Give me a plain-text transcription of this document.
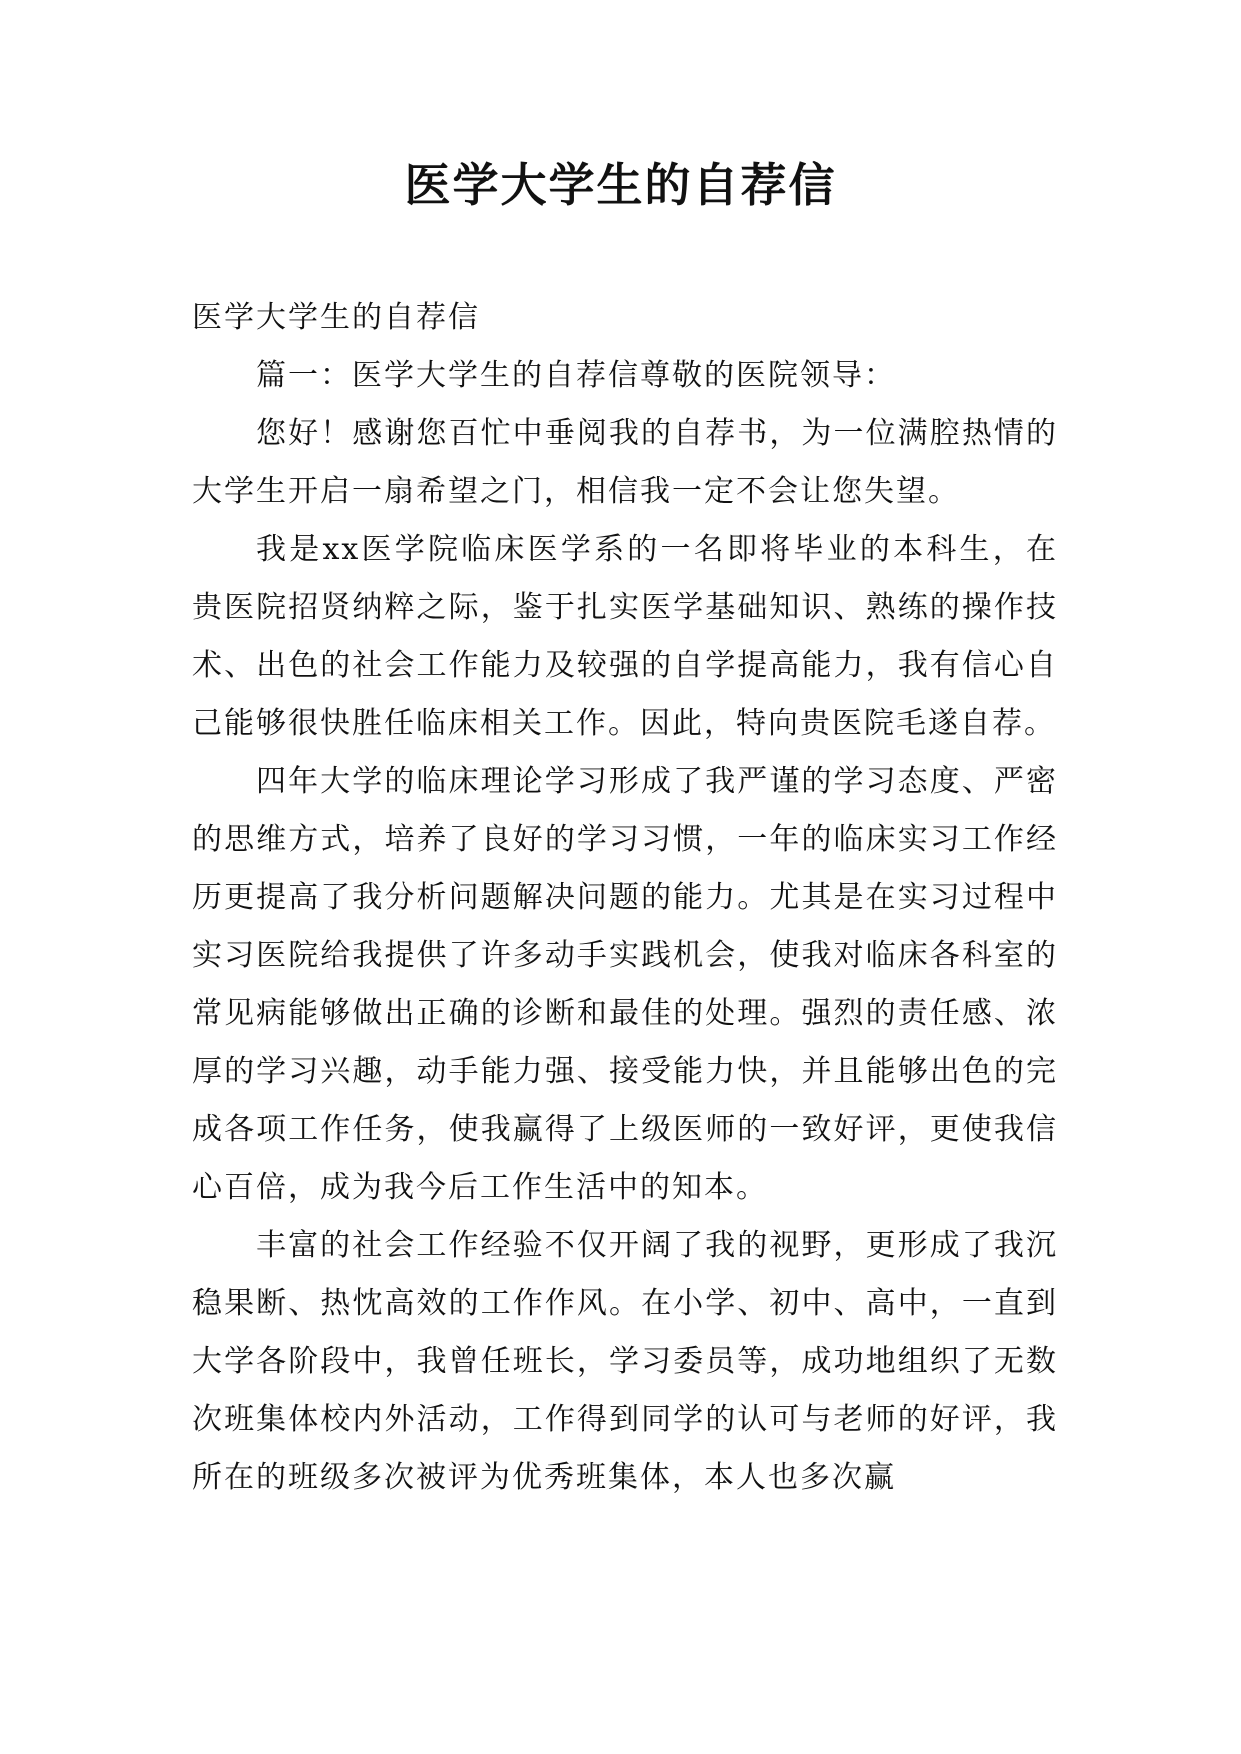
医学大学生的自荐信

医学大学生的自荐信

篇一：医学大学生的自荐信尊敬的医院领导：

您好！感谢您百忙中垂阅我的自荐书，为一位满腔热情的大学生开启一扇希望之门，相信我一定不会让您失望。

我是xx医学院临床医学系的一名即将毕业的本科生，在贵医院招贤纳粹之际，鉴于扎实医学基础知识、熟练的操作技术、出色的社会工作能力及较强的自学提高能力，我有信心自己能够很快胜任临床相关工作。因此，特向贵医院毛遂自荐。

四年大学的临床理论学习形成了我严谨的学习态度、严密的思维方式，培养了良好的学习习惯，一年的临床实习工作经历更提高了我分析问题解决问题的能力。尤其是在实习过程中实习医院给我提供了许多动手实践机会，使我对临床各科室的常见病能够做出正确的诊断和最佳的处理。强烈的责任感、浓厚的学习兴趣，动手能力强、接受能力快，并且能够出色的完成各项工作任务，使我赢得了上级医师的一致好评，更使我信心百倍，成为我今后工作生活中的知本。

丰富的社会工作经验不仅开阔了我的视野，更形成了我沉稳果断、热忱高效的工作作风。在小学、初中、高中，一直到大学各阶段中，我曾任班长，学习委员等，成功地组织了无数次班集体校内外活动，工作得到同学的认可与老师的好评，我所在的班级多次被评为优秀班集体，本人也多次赢
